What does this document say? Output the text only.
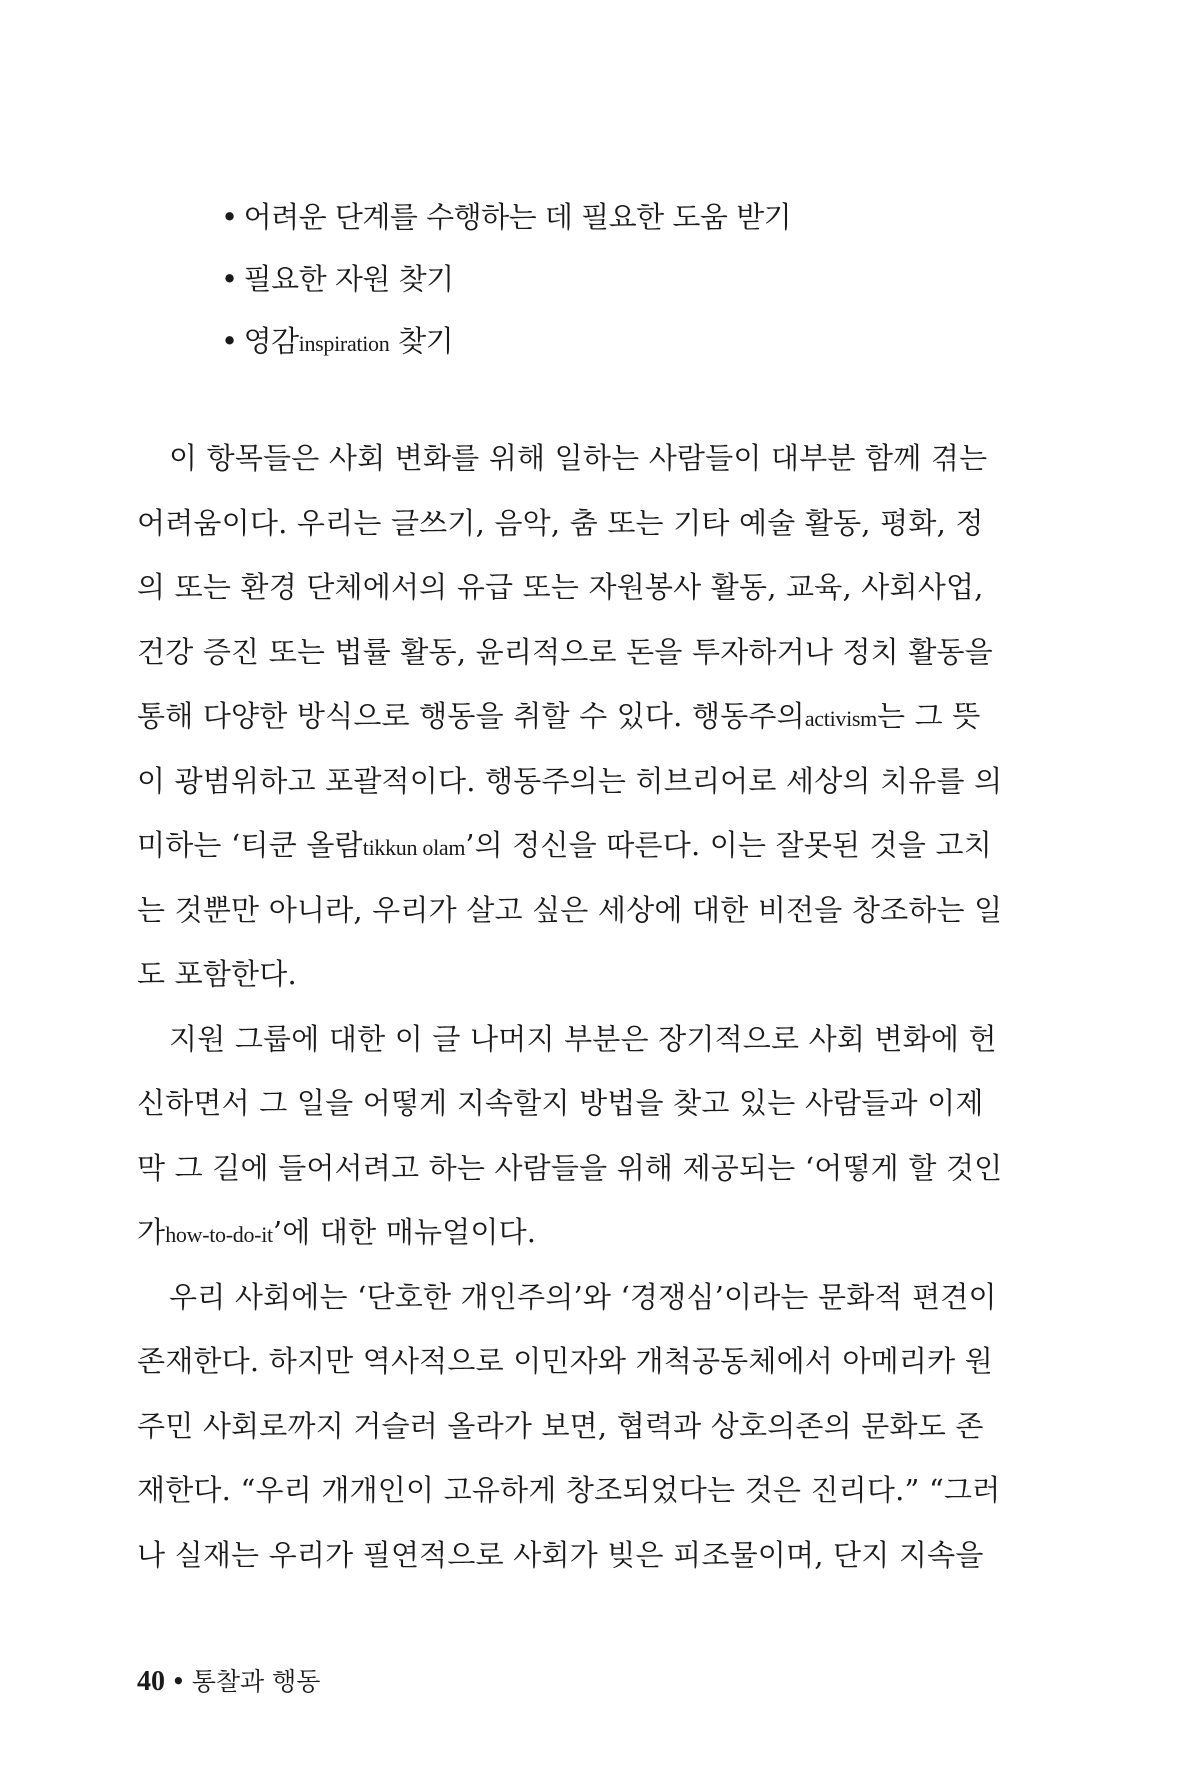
• 어려운 단계를 수행하는 데 필요한 도움 받기
• 필요한 자원 찾기
• 영감inspiration 찾기
이 항목들은 사회 변화를 위해 일하는 사람들이 대부분 함께 겪는
어려움이다. 우리는 글쓰기, 음악, 춤 또는 기타 예술 활동, 평화, 정
의 또는 환경 단체에서의 유급 또는 자원봉사 활동, 교육, 사회사업,
건강 증진 또는 법률 활동, 윤리적으로 돈을 투자하거나 정치 활동을
통해 다양한 방식으로 행동을 취할 수 있다. 행동주의activism는 그 뜻
이 광범위하고 포괄적이다. 행동주의는 히브리어로 세상의 치유를 의
미하는 ‘티쿤 올람tikkun olam’의 정신을 따른다. 이는 잘못된 것을 고치
는 것뿐만 아니라, 우리가 살고 싶은 세상에 대한 비전을 창조하는 일
도 포함한다.
지원 그룹에 대한 이 글 나머지 부분은 장기적으로 사회 변화에 헌
신하면서 그 일을 어떻게 지속할지 방법을 찾고 있는 사람들과 이제
막 그 길에 들어서려고 하는 사람들을 위해 제공되는 ‘어떻게 할 것인
가how-to-do-it’에 대한 매뉴얼이다.
우리 사회에는 ‘단호한 개인주의’와 ‘경쟁심’이라는 문화적 편견이
존재한다. 하지만 역사적으로 이민자와 개척공동체에서 아메리카 원
주민 사회로까지 거슬러 올라가 보면, 협력과 상호의존의 문화도 존
재한다. “우리 개개인이 고유하게 창조되었다는 것은 진리다.” “그러
나 실재는 우리가 필연적으로 사회가 빚은 피조물이며, 단지 지속을
40 • 통찰과 행동
